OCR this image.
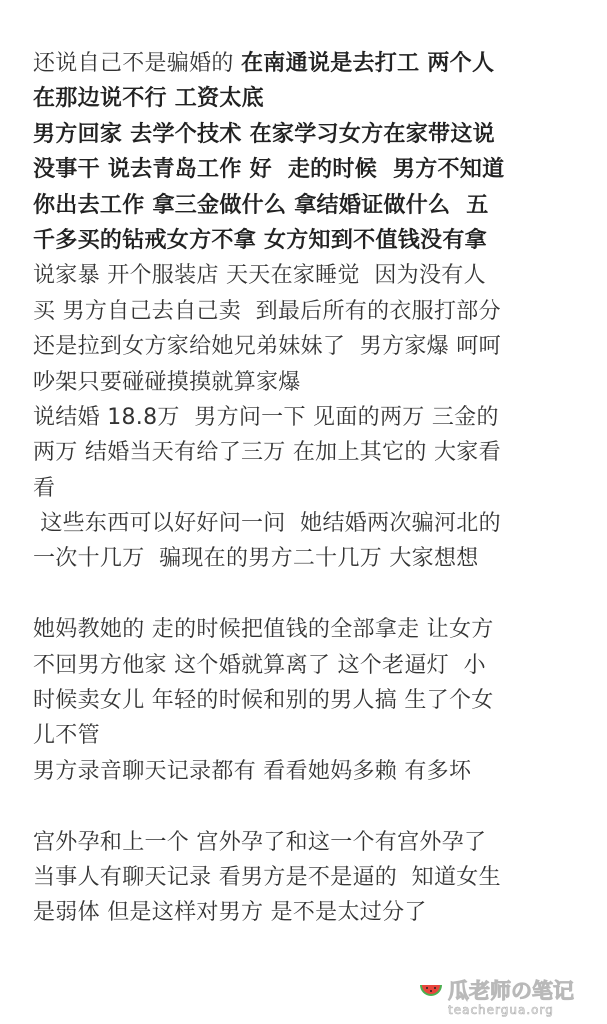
还说自己不是骗婚的 在南通说是去打工 两个人
在那边说不行 工资太底
男方回家 去学个技术 在家学习女方在家带这说
没事干 说去青岛工作 好  走的时候  男方不知道
你出去工作 拿三金做什么 拿结婚证做什么  五
千多买的钻戒女方不拿 女方知到不值钱没有拿
说家暴 开个服装店 天天在家睡觉  因为没有人
买 男方自己去自己卖  到最后所有的衣服打部分
还是拉到女方家给她兄弟妹妹了  男方家爆 呵呵
吵架只要碰碰摸摸就算家爆
说结婚 18.8万  男方问一下 见面的两万 三金的
两万 结婚当天有给了三万 在加上其它的 大家看
看
这些东西可以好好问一问  她结婚两次骗河北的
一次十几万  骗现在的男方二十几万 大家想想
她妈教她的 走的时候把值钱的全部拿走 让女方
不回男方他家 这个婚就算离了 这个老逼灯  小
时候卖女儿 年轻的时候和别的男人搞 生了个女
儿不管
男方录音聊天记录都有 看看她妈多赖 有多坏
宫外孕和上一个 宫外孕了和这一个有宫外孕了
当事人有聊天记录 看男方是不是逼的  知道女生
是弱体 但是这样对男方 是不是太过分了
瓜老师の笔记
teachergua.org
